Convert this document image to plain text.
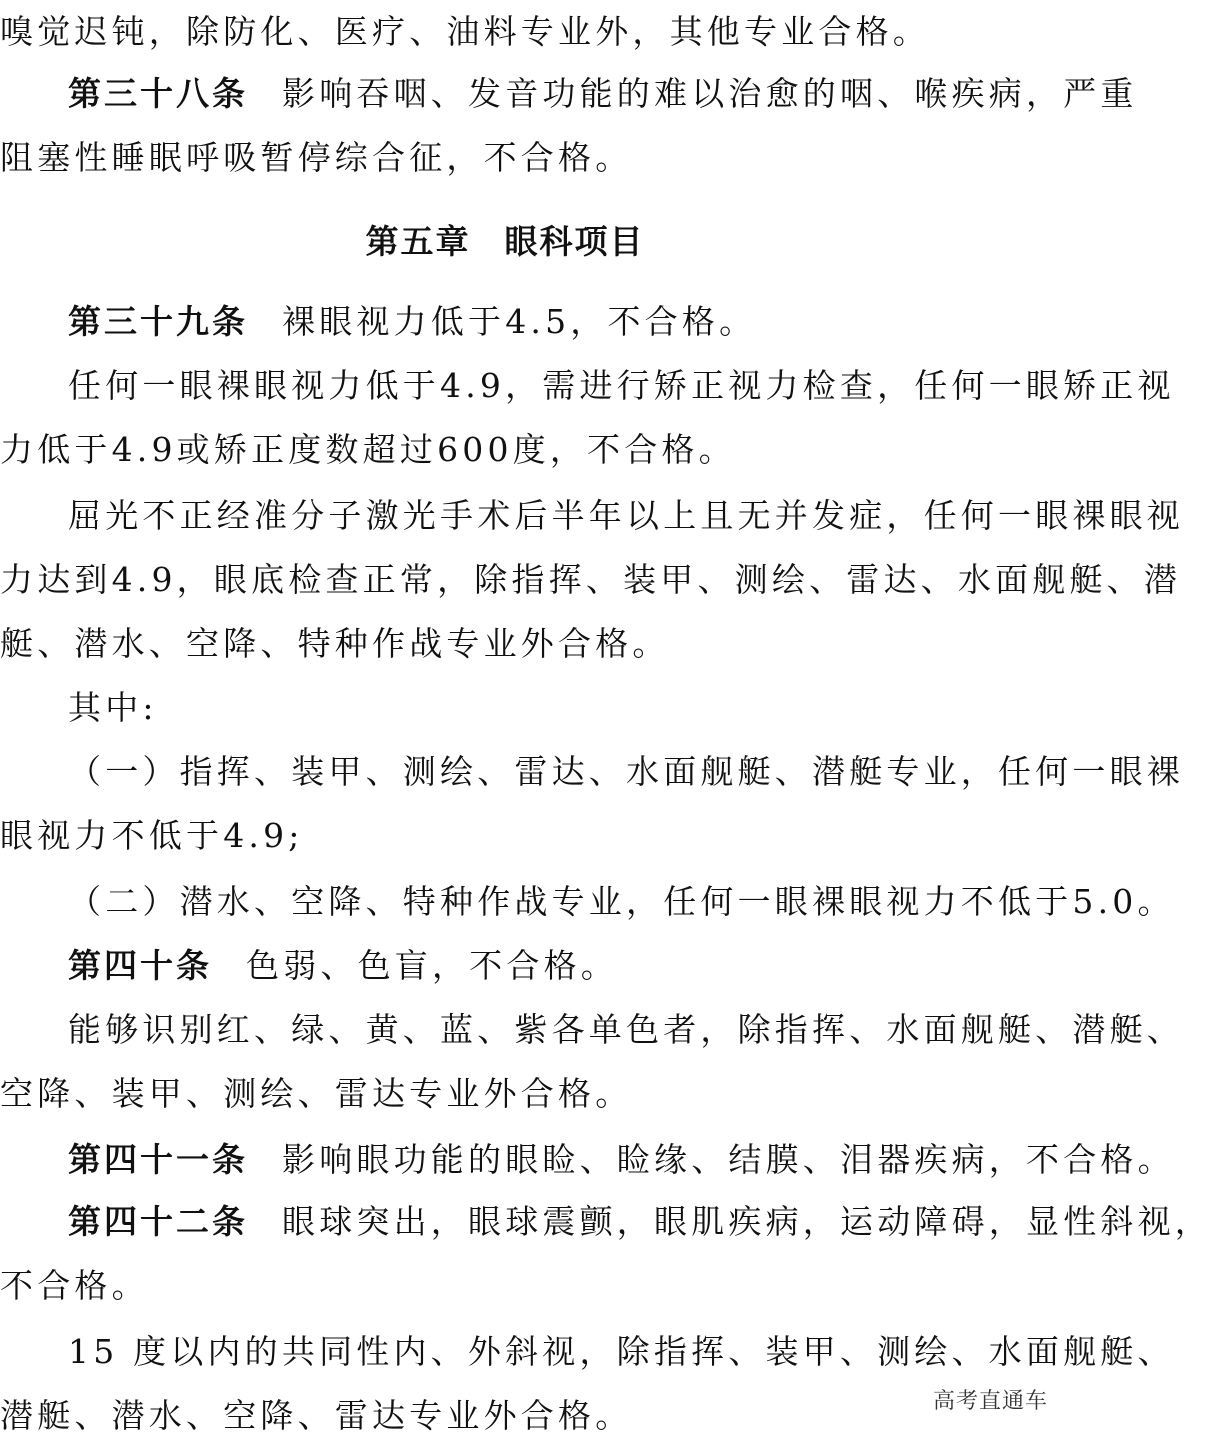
嗅觉迟钝，除防化、医疗、油料专业外，其他专业合格。
第三十八条 影响吞咽、发音功能的难以治愈的咽、喉疾病，严重
阻塞性睡眠呼吸暂停综合征，不合格。
第五章 眼科项目
第三十九条 裸眼视力低于4.5，不合格。
任何一眼裸眼视力低于4.9，需进行矫正视力检查，任何一眼矫正视
力低于4.9或矫正度数超过600度，不合格。
屈光不正经准分子激光手术后半年以上且无并发症，任何一眼裸眼视
力达到4.9，眼底检查正常，除指挥、装甲、测绘、雷达、水面舰艇、潜
艇、潜水、空降、特种作战专业外合格。
其中:
（一）指挥、装甲、测绘、雷达、水面舰艇、潜艇专业，任何一眼裸
眼视力不低于4.9;
（二）潜水、空降、特种作战专业，任何一眼裸眼视力不低于5.0。
第四十条 色弱、色盲，不合格。
能够识别红、绿、黄、蓝、紫各单色者，除指挥、水面舰艇、潜艇、
空降、装甲、测绘、雷达专业外合格。
第四十一条 影响眼功能的眼睑、睑缘、结膜、泪器疾病，不合格。
第四十二条 眼球突出，眼球震颤，眼肌疾病，运动障碍，显性斜视，
不合格。
15 度以内的共同性内、外斜视，除指挥、装甲、测绘、水面舰艇、
潜艇、潜水、空降、雷达专业外合格。	高考直通车
